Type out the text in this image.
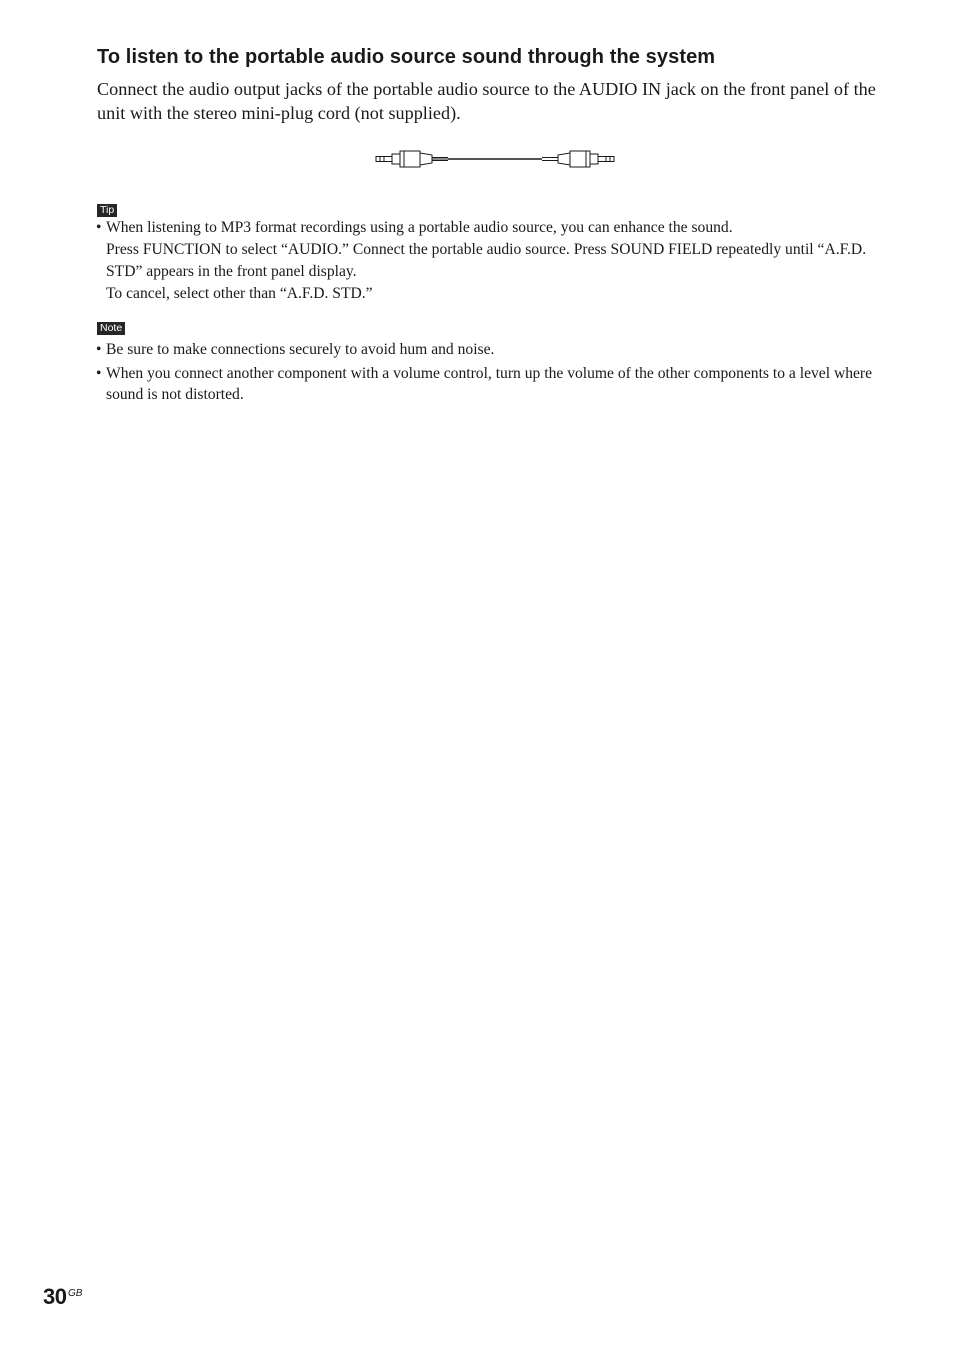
To listen to the portable audio source sound through the system

Connect the audio output jacks of the portable audio source to the AUDIO IN jack on the front panel of the unit with the stereo mini-plug cord (not supplied).

Tip
• When listening to MP3 format recordings using a portable audio source, you can enhance the sound.
Press FUNCTION to select “AUDIO.” Connect the portable audio source. Press SOUND FIELD repeatedly until “A.F.D. STD” appears in the front panel display.
To cancel, select other than “A.F.D. STD.”
Note
• Be sure to make connections securely to avoid hum and noise.
• When you connect another component with a volume control, turn up the volume of the other components to a level where sound is not distorted.
30 GB
